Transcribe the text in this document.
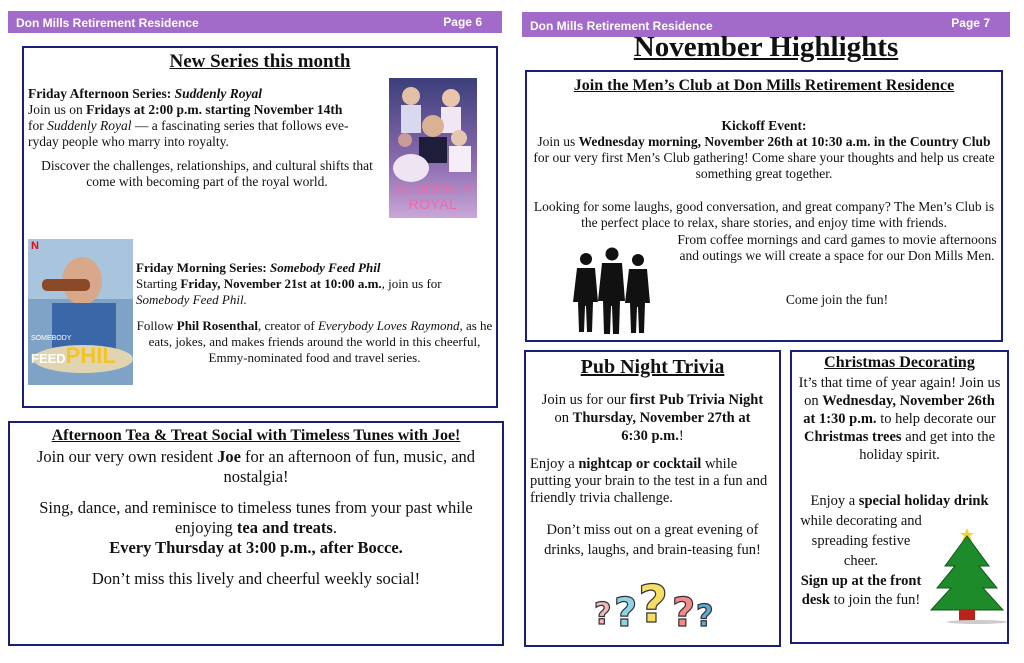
Don Mills Retirement Residence	Page 6	Don Mills Retirement Residence	Page 7
November Highlights
New Series this month

Friday Afternoon Series: Suddenly Royal

Join us on Fridays at 2:00 p.m. starting November 14th

for Suddenly Royal — a fascinating series that follows eve-

ryday people who marry into royalty.

Discover the challenges, relationships, and cultural shifts that come with becoming part of the royal world.	SUDDENLY ROYAL
N
SOMEBODY
FEEDPHIL

Friday Morning Series: Somebody Feed Phil

Starting Friday, November 21st at 10:00 a.m., join us for

Somebody Feed Phil.

Follow Phil Rosenthal, creator of Everybody Loves Raymond, as he eats, jokes, and makes friends around the world in this cheerful, Emmy-nominated food and travel series.

Afternoon Tea & Treat Social with Timeless Tunes with Joe!

Join our very own resident Joe for an afternoon of fun, music, and nostalgia!

Sing, dance, and reminisce to timeless tunes from your past while enjoying tea and treats.

Every Thursday at 3:00 p.m., after Bocce.

Don’t miss this lively and cheerful weekly social!

Join the Men’s Club at Don Mills Retirement Residence

Kickoff Event:

Join us Wednesday morning, November 26th at 10:30 a.m. in the Country Club for our very first Men’s Club gathering! Come share your thoughts and help us create something great together.

Looking for some laughs, good conversation, and great company? The Men’s Club is the perfect place to relax, share stories, and enjoy time with friends.

From coffee mornings and card games to movie afternoons and outings we will create a space for our Don Mills Men.

Come join the fun!

Pub Night Trivia

Join us for our first Pub Trivia Night on Thursday, November 27th at 6:30 p.m.!

Enjoy a nightcap or cocktail while putting your brain to the test in a fun and friendly trivia challenge.

Don’t miss out on a great evening of drinks, laughs, and brain-teasing fun!

? ? ? ? ?
Christmas Decorating

It’s that time of year again! Join us on Wednesday, November 26th at 1:30 p.m. to help decorate our Christmas trees and get into the holiday spirit.

Enjoy a special holiday drink

while decorating and spreading festive cheer.

Sign up at the front desk to join the fun!
